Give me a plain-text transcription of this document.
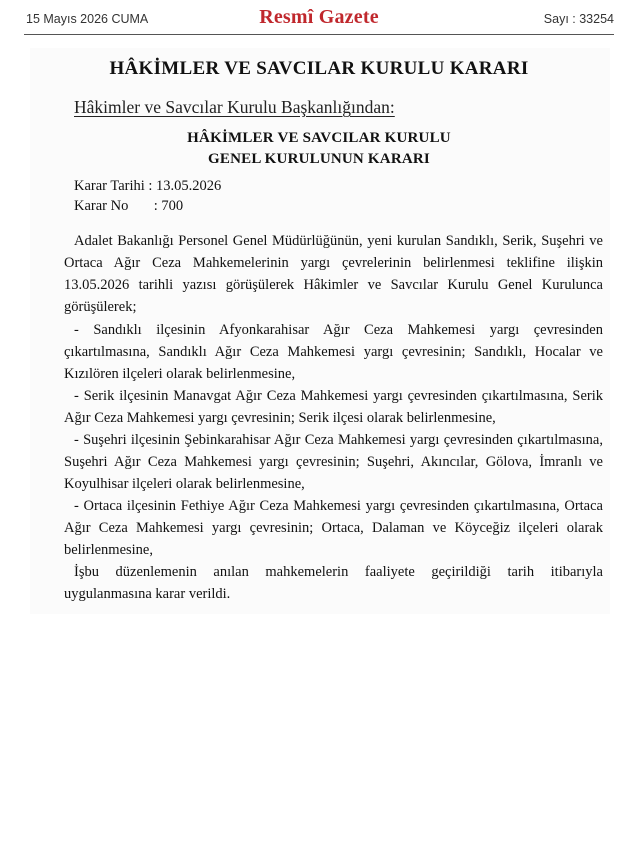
15 Mayıs 2026 CUMA	Resmî Gazete	Sayı : 33254
HÂKİMLER VE SAVCILAR KURULU KARARI
Hâkimler ve Savcılar Kurulu Başkanlığından:
HÂKİMLER VE SAVCILAR KURULU
GENEL KURULUNUN KARARI
Karar Tarihi : 13.05.2026
Karar No       : 700

Adalet Bakanlığı Personel Genel Müdürlüğünün, yeni kurulan Sandıklı, Serik, Suşehri ve Ortaca Ağır Ceza Mahkemelerinin yargı çevrelerinin belirlenmesi teklifine ilişkin 13.05.2026 tarihli yazısı görüşülerek Hâkimler ve Savcılar Kurulu Genel Kurulunca görüşülerek;

- Sandıklı ilçesinin Afyonkarahisar Ağır Ceza Mahkemesi yargı çevresinden çıkartılmasına, Sandıklı Ağır Ceza Mahkemesi yargı çevresinin; Sandıklı, Hocalar ve Kızılören ilçeleri olarak belirlenmesine,

- Serik ilçesinin Manavgat Ağır Ceza Mahkemesi yargı çevresinden çıkartılmasına, Serik Ağır Ceza Mahkemesi yargı çevresinin; Serik ilçesi olarak belirlenmesine,

- Suşehri ilçesinin Şebinkarahisar Ağır Ceza Mahkemesi yargı çevresinden çıkartılmasına, Suşehri Ağır Ceza Mahkemesi yargı çevresinin; Suşehri, Akıncılar, Gölova, İmranlı ve Koyulhisar ilçeleri olarak belirlenmesine,

- Ortaca ilçesinin Fethiye Ağır Ceza Mahkemesi yargı çevresinden çıkartılmasına, Ortaca Ağır Ceza Mahkemesi yargı çevresinin; Ortaca, Dalaman ve Köyceğiz ilçeleri olarak belirlenmesine,

İşbu düzenlemenin anılan mahkemelerin faaliyete geçirildiği tarih itibarıyla uygulanmasına karar verildi.
